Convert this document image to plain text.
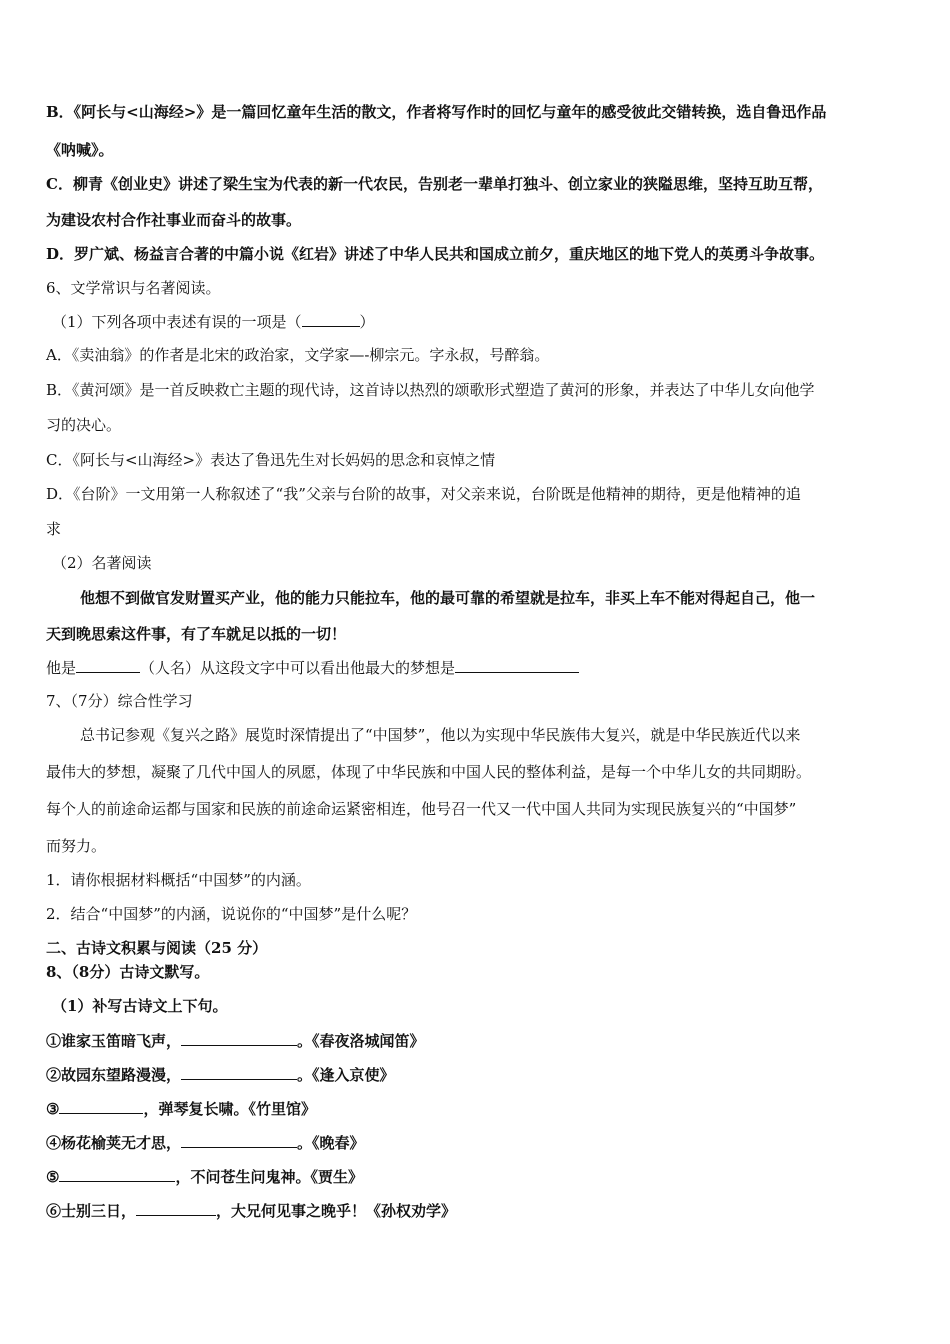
B．《阿长与<山海经>》是一篇回忆童年生活的散文，作者将写作时的回忆与童年的感受彼此交错转换，选自鲁迅作品
《呐喊》。
C．柳青《创业史》讲述了梁生宝为代表的新一代农民，告别老一辈单打独斗、创立家业的狭隘思维，坚持互助互帮，
为建设农村合作社事业而奋斗的故事。
D．罗广斌、杨益言合著的中篇小说《红岩》讲述了中华人民共和国成立前夕，重庆地区的地下党人的英勇斗争故事。
6、文学常识与名著阅读。
（1）下列各项中表述有误的一项是（	）
A．《卖油翁》的作者是北宋的政治家，文学家—-柳宗元。字永叔，号醉翁。
B．《黄河颂》是一首反映救亡主题的现代诗，这首诗以热烈的颂歌形式塑造了黄河的形象，并表达了中华儿女向他学
习的决心。
C．《阿长与<山海经>》表达了鲁迅先生对长妈妈的思念和哀悼之情
D．《台阶》一文用第一人称叙述了“我”父亲与台阶的故事，对父亲来说，台阶既是他精神的期待，更是他精神的追
求
（2）名著阅读
他想不到做官发财置买产业，他的能力只能拉车，他的最可靠的希望就是拉车，非买上车不能对得起自己，他一
天到晚思索这件事，有了车就足以抵的一切！
他是	（人名）从这段文字中可以看出他最大的梦想是
7、（7分）综合性学习
总书记参观《复兴之路》展览时深情提出了“中国梦”，他以为实现中华民族伟大复兴，就是中华民族近代以来
最伟大的梦想，凝聚了几代中国人的夙愿，体现了中华民族和中国人民的整体利益，是每一个中华儿女的共同期盼。
每个人的前途命运都与国家和民族的前途命运紧密相连，他号召一代又一代中国人共同为实现民族复兴的“中国梦”
而努力。
1．请你根据材料概括“中国梦”的内涵。
2．结合“中国梦”的内涵，说说你的“中国梦”是什么呢？
二、古诗文积累与阅读（25 分）
8、（8分）古诗文默写。
（1）补写古诗文上下句。
①谁家玉笛暗飞声，	。《春夜洛城闻笛》
②故园东望路漫漫，	。《逢入京使》
③	，弹琴复长啸。《竹里馆》
④杨花榆荚无才思，	。《晚春》
⑤	，不问苍生问鬼神。《贾生》
⑥士别三日，	，大兄何见事之晚乎！《孙权劝学》
